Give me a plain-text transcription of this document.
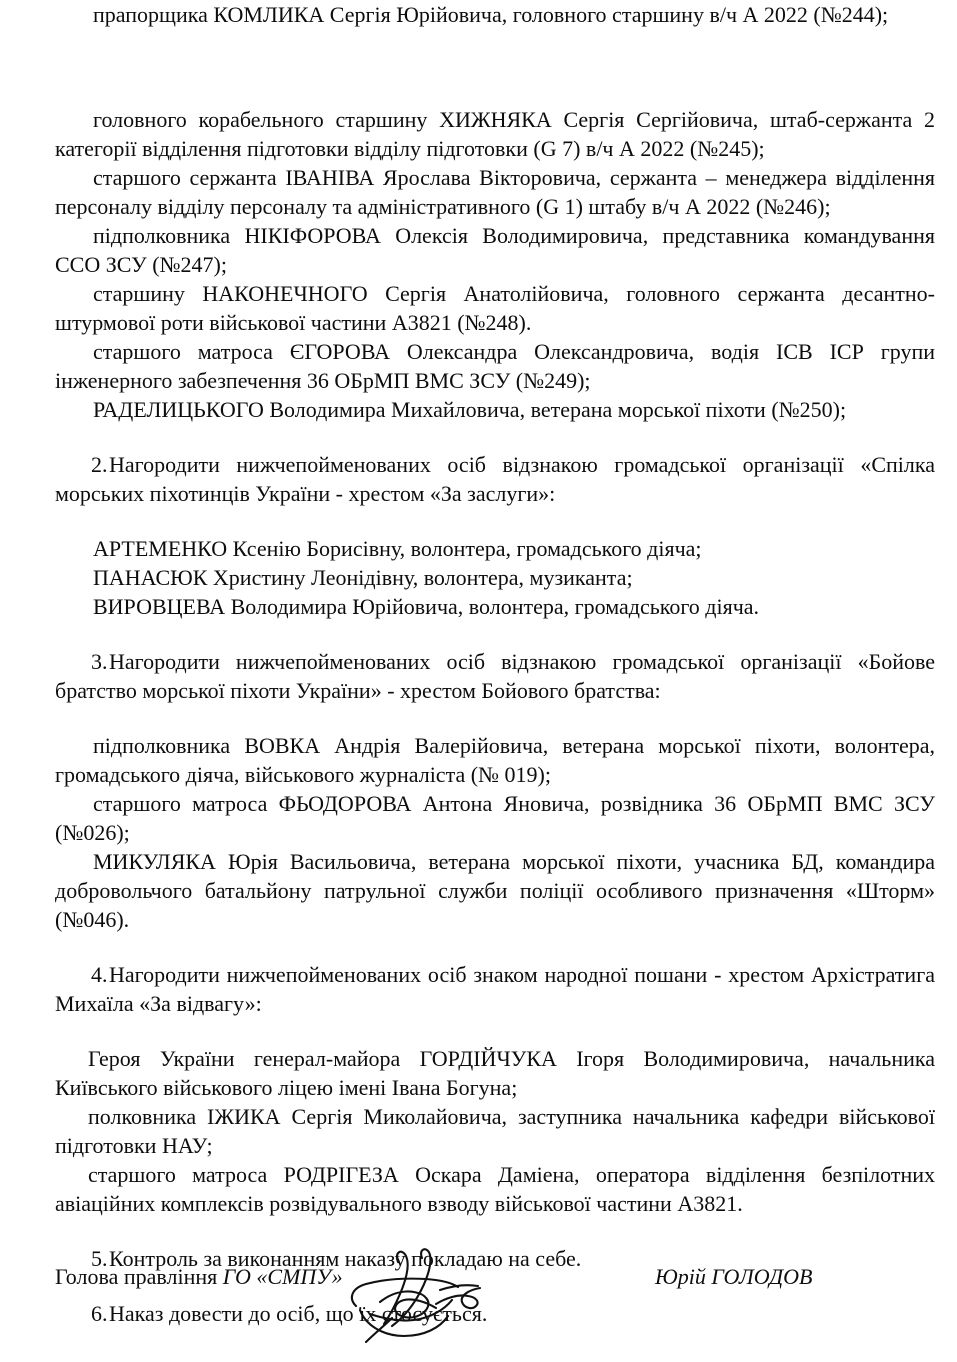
прапорщика КОМЛИКА Сергія Юрійовича, головного старшину в/ч А 2022 (№244);

головного корабельного старшину ХИЖНЯКА Сергія Сергійовича, штаб-сержанта 2 категорії відділення підготовки відділу підготовки (G 7) в/ч А 2022 (№245);

старшого сержанта ІВАНІВА Ярослава Вікторовича, сержанта – менеджера відділення персоналу відділу персоналу та адміністративного (G 1) штабу в/ч А 2022 (№246);

підполковника НІКІФОРОВА Олексія Володимировича, представника командування ССО ЗСУ (№247);

старшину НАКОНЕЧНОГО Сергія Анатолійовича, головного сержанта десантно-штурмової роти військової частини А3821 (№248).

старшого матроса ЄГОРОВА Олександра Олександровича, водія ІСВ ІСР групи інженерного забезпечення 36 ОБрМП ВМС ЗСУ (№249);

РАДЕЛИЦЬКОГО Володимира Михайловича, ветерана морської піхоти (№250);

2.Нагородити нижчепойменованих осіб відзнакою громадської організації «Спілка морських піхотинців України - хрестом «За заслуги»:

АРТЕМЕНКО Ксенію Борисівну, волонтера, громадського діяча;

ПАНАСЮК Христину Леонідівну, волонтера, музиканта;

ВИРОВЦЕВА Володимира Юрійовича, волонтера, громадського діяча.

3.Нагородити нижчепойменованих осіб відзнакою громадської організації «Бойове братство морської піхоти України» - хрестом Бойового братства:

підполковника ВОВКА Андрія Валерійовича, ветерана морської піхоти, волонтера, громадського діяча, військового журналіста (№ 019);

старшого матроса ФЬОДОРОВА Антона Яновича, розвідника 36 ОБрМП ВМС ЗСУ (№026);

МИКУЛЯКА Юрія Васильовича, ветерана морської піхоти, учасника БД, командира добровольчого батальйону патрульної служби поліції особливого призначення «Шторм» (№046).

4.Нагородити нижчепойменованих осіб знаком народної пошани - хрестом Архістратига Михаїла «За відвагу»:

Героя України генерал-майора ГОРДІЙЧУКА Ігоря Володимировича, начальника Київського військового ліцею імені Івана Богуна;

полковника ІЖИКА Сергія Миколайовича, заступника начальника кафедри військової підготовки НАУ;

старшого матроса РОДРІГЕЗА Оскара Даміена, оператора відділення безпілотних авіаційних комплексів розвідувального взводу військової частини А3821.

5.Контроль за виконанням наказу покладаю на себе.

6.Наказ довести до осіб, що їх стосується.

Голова правління ГО «СМПУ»	Юрій ГОЛОДОВ
